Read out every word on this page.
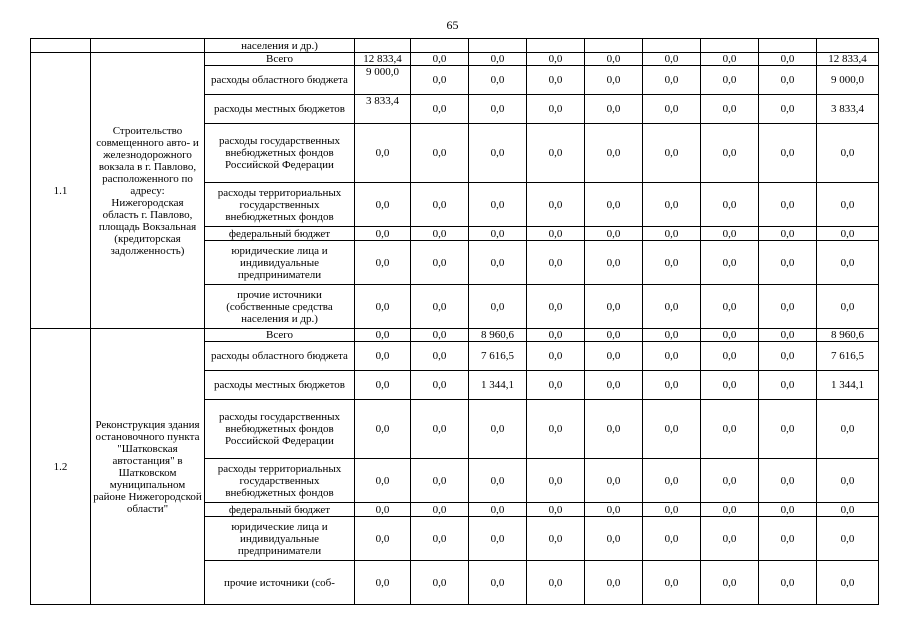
65
		населения и др.)									
1.1	Строительство совмещенного авто- и железнодорожного вокзала в г. Павлово, расположенного по адресу: Нижегородская область г. Павлово, площадь Вокзальная (кредиторская задолженность)	Всего	12 833,4	0,0	0,0	0,0	0,0	0,0	0,0	0,0	12 833,4
		расходы областного бюджета	9 000,0	0,0	0,0	0,0	0,0	0,0	0,0	0,0	9 000,0
		расходы местных бюджетов	3 833,4	0,0	0,0	0,0	0,0	0,0	0,0	0,0	3 833,4
		расходы государственных внебюджетных фондов Российской Федерации	0,0	0,0	0,0	0,0	0,0	0,0	0,0	0,0	0,0
		расходы территориальных государственных внебюджетных фондов	0,0	0,0	0,0	0,0	0,0	0,0	0,0	0,0	0,0
		федеральный бюджет	0,0	0,0	0,0	0,0	0,0	0,0	0,0	0,0	0,0
		юридические лица и индивидуальные предприниматели	0,0	0,0	0,0	0,0	0,0	0,0	0,0	0,0	0,0
		прочие источники (собственные средства населения и др.)	0,0	0,0	0,0	0,0	0,0	0,0	0,0	0,0	0,0
1.2	Реконструкция здания остановочного пункта "Шатковская автостанция" в Шатковском муниципальном районе Нижегородской области"	Всего	0,0	0,0	8 960,6	0,0	0,0	0,0	0,0	0,0	8 960,6
		расходы областного бюджета	0,0	0,0	7 616,5	0,0	0,0	0,0	0,0	0,0	7 616,5
		расходы местных бюджетов	0,0	0,0	1 344,1	0,0	0,0	0,0	0,0	0,0	1 344,1
		расходы государственных внебюджетных фондов Российской Федерации	0,0	0,0	0,0	0,0	0,0	0,0	0,0	0,0	0,0
		расходы территориальных государственных внебюджетных фондов	0,0	0,0	0,0	0,0	0,0	0,0	0,0	0,0	0,0
		федеральный бюджет	0,0	0,0	0,0	0,0	0,0	0,0	0,0	0,0	0,0
		юридические лица и индивидуальные предприниматели	0,0	0,0	0,0	0,0	0,0	0,0	0,0	0,0	0,0
		прочие источники (соб-	0,0	0,0	0,0	0,0	0,0	0,0	0,0	0,0	0,0
